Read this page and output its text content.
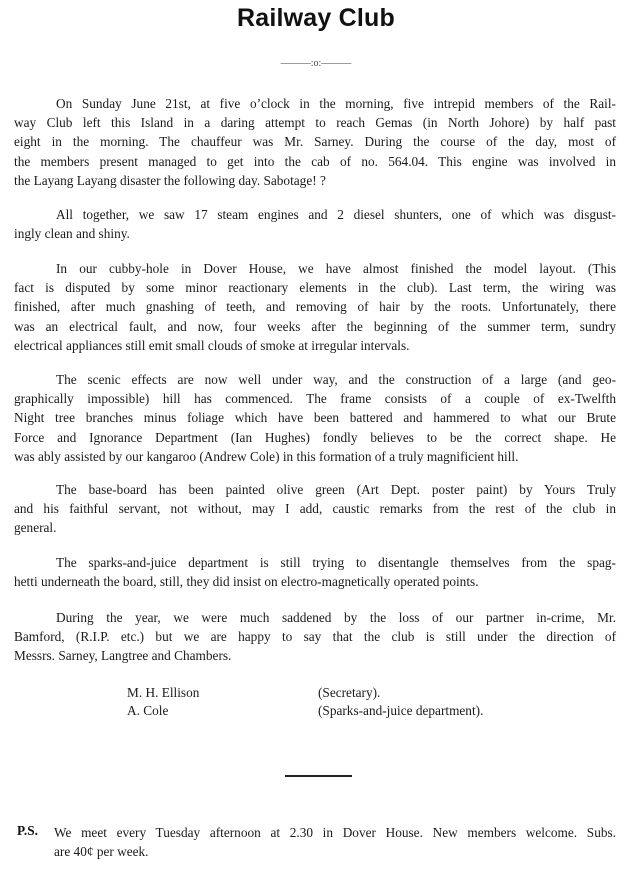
Railway Club
———:o:———
On Sunday June 21st, at five o’clock in the morning, five intrepid members of the Rail-
way Club left this Island in a daring attempt to reach Gemas (in North Johore) by half past
eight in the morning. The chauffeur was Mr. Sarney. During the course of the day, most of
the members present managed to get into the cab of no. 564.04. This engine was involved in
the Layang Layang disaster the following day. Sabotage! ?
All together, we saw 17 steam engines and 2 diesel shunters, one of which was disgust-
ingly clean and shiny.
In our cubby-hole in Dover House, we have almost finished the model layout. (This
fact is disputed by some minor reactionary elements in the club). Last term, the wiring was
finished, after much gnashing of teeth, and removing of hair by the roots. Unfortunately, there
was an electrical fault, and now, four weeks after the beginning of the summer term, sundry
electrical appliances still emit small clouds of smoke at irregular intervals.
The scenic effects are now well under way, and the construction of a large (and geo-
graphically impossible) hill has commenced. The frame consists of a couple of ex-Twelfth
Night tree branches minus foliage which have been battered and hammered to what our Brute
Force and Ignorance Department (Ian Hughes) fondly believes to be the correct shape. He
was ably assisted by our kangaroo (Andrew Cole) in this formation of a truly magnificient hill.
The base-board has been painted olive green (Art Dept. poster paint) by Yours Truly
and his faithful servant, not without, may I add, caustic remarks from the rest of the club in
general.
The sparks-and-juice department is still trying to disentangle themselves from the spag-
hetti underneath the board, still, they did insist on electro-magnetically operated points.
During the year, we were much saddened by the loss of our partner in-crime, Mr.
Bamford, (R.I.P. etc.) but we are happy to say that the club is still under the direction of
Messrs. Sarney, Langtree and Chambers.
M. H. Ellison	(Secretary).
A. Cole	(Sparks-and-juice department).
P.S. We meet every Tuesday afternoon at 2.30 in Dover House. New members welcome. Subs.
are 40¢ per week.
